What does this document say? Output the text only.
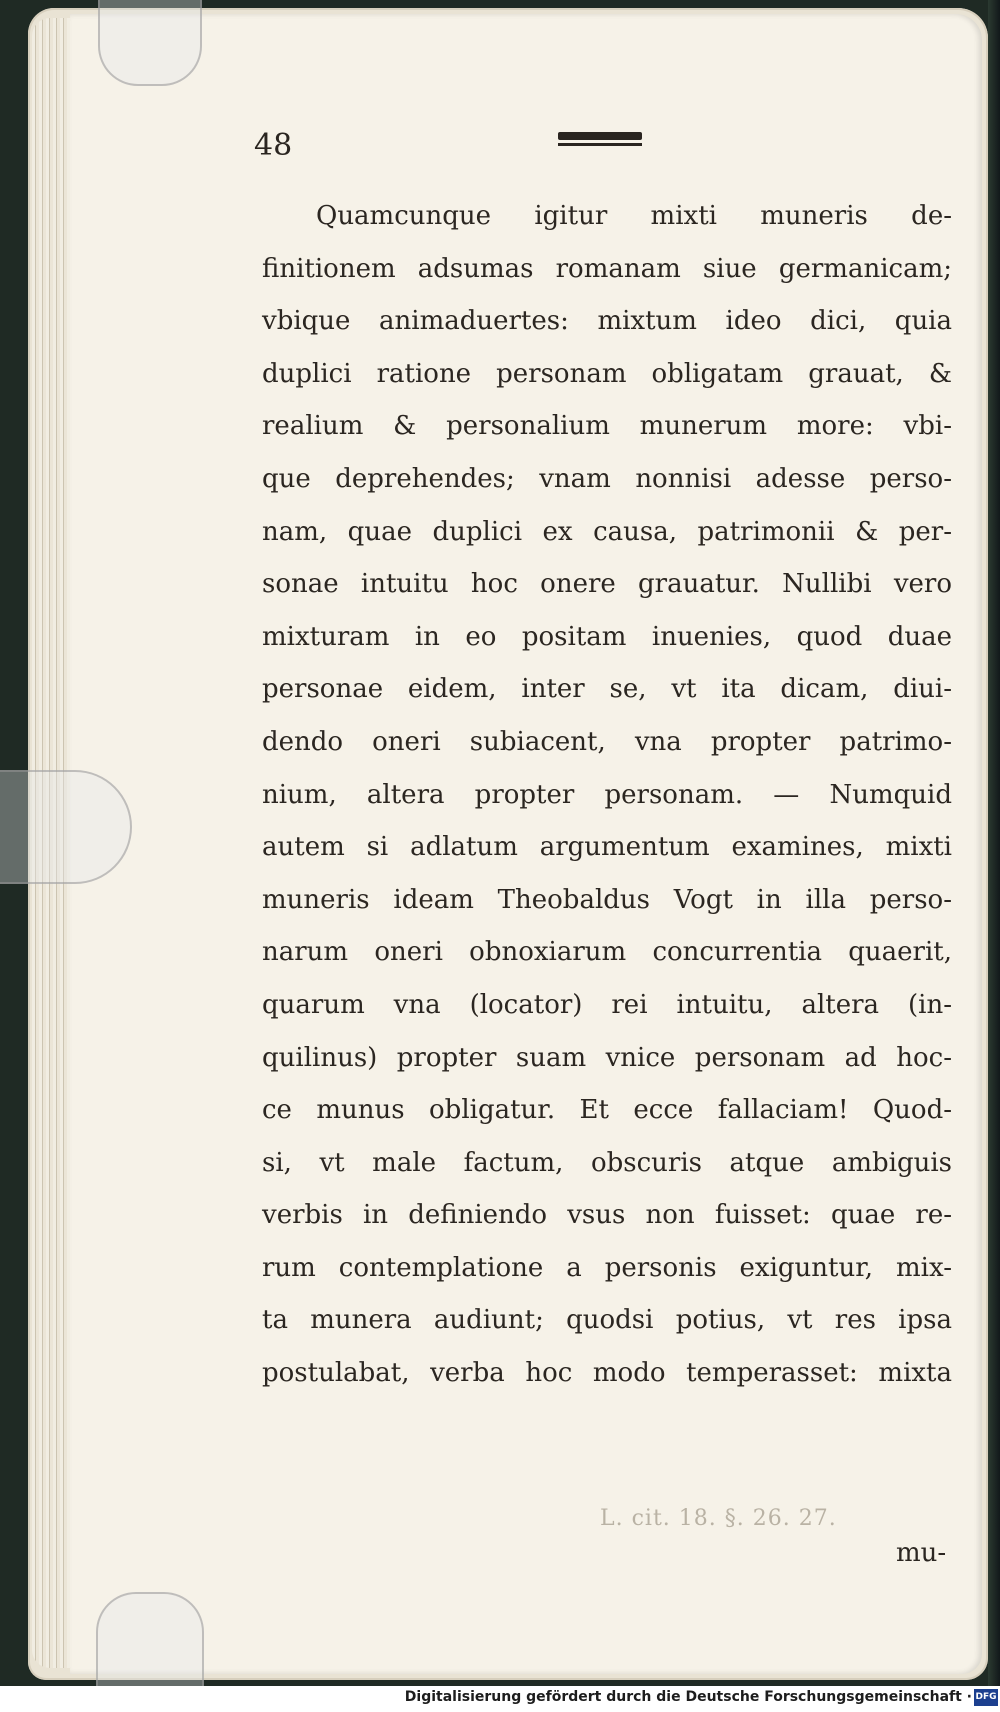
48
Quamcunque igitur mixti muneris de-
finitionem adsumas romanam siue germanicam;
vbique animaduertes: mixtum ideo dici, quia
duplici ratione personam obligatam grauat, &
realium & personalium munerum more: vbi-
que deprehendes; vnam nonnisi adesse perso-
nam, quae duplici ex causa, patrimonii & per-
sonae intuitu hoc onere grauatur. Nullibi vero
mixturam in eo positam inuenies, quod duae
personae eidem, inter se, vt ita dicam, diui-
dendo oneri subiacent, vna propter patrimo-
nium, altera propter personam. — Numquid
autem si adlatum argumentum examines, mixti
muneris ideam Theobaldus Vogt in illa perso-
narum oneri obnoxiarum concurrentia quaerit,
quarum vna (locator) rei intuitu, altera (in-
quilinus) propter suam vnice personam ad hoc-
ce munus obligatur. Et ecce fallaciam! Quod-
si, vt male factum, obscuris atque ambiguis
verbis in definiendo vsus non fuisset: quae re-
rum contemplatione a personis exiguntur, mix-
ta munera audiunt; quodsi potius, vt res ipsa
postulabat, verba hoc modo temperasset: mixta
L. cit. 18. §. 26. 27.
mu-
Digitalisierung gefördert durch die Deutsche Forschungsgemeinschaft · DFG
